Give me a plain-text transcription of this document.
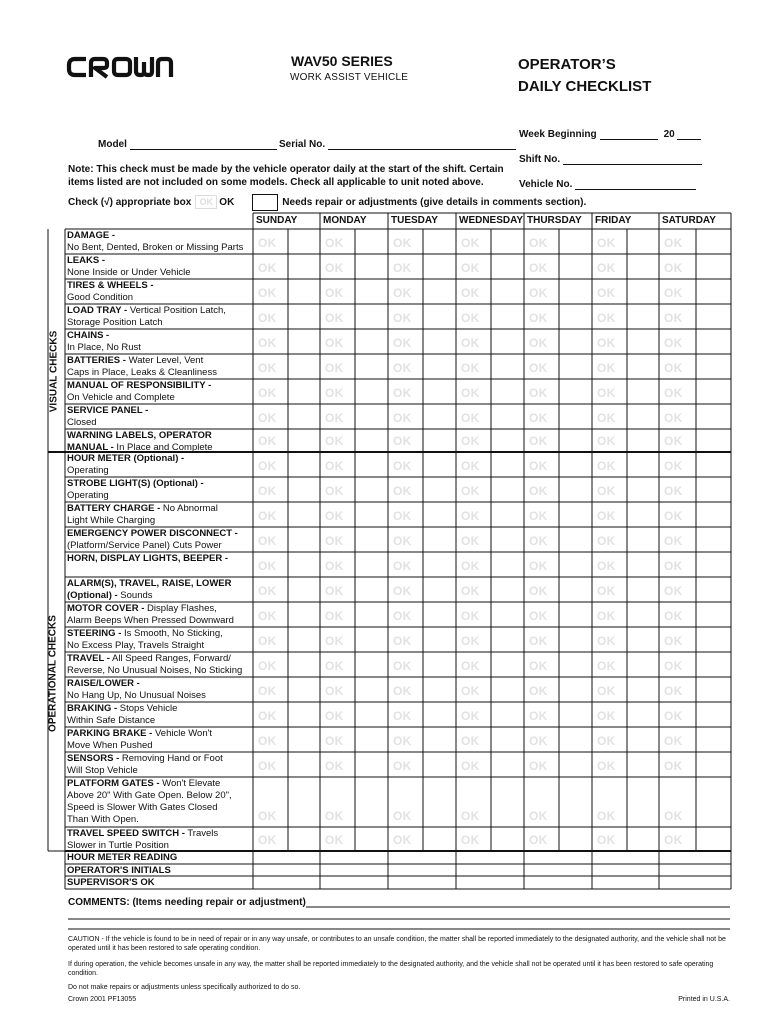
WAV50 SERIES
WORK ASSIST VEHICLE
OPERATOR’S
DAILY CHECKLIST
Model	Serial No.
Week Beginning	20
Shift No.
Vehicle No.
Note: This check must be made by the vehicle operator daily at the start of the shift. Certain items listed are not included on some models. Check all applicable to unit noted above.
Check (√) appropriate box OK OK	Needs repair or adjustments (give details in comments section).
SUNDAY	MONDAY TUESDAY WEDNESDAY THURSDAY FRIDAY	SATURDAY
DAMAGE -
No Bent, Dented, Broken or Missing Parts	OK	OK	OK	OK	OK	OK	OK
LEAKS -
None Inside or Under Vehicle	OK	OK	OK	OK	OK	OK	OK
TIRES & WHEELS -
Good Condition	OK	OK	OK	OK	OK	OK	OK
LOAD TRAY - Vertical Position Latch,
Storage Position Latch	OK	OK	OK	OK	OK	OK	OK
CHAINS -
In Place, No Rust	OK	OK	OK	OK	OK	OK	OK
BATTERIES - Water Level, Vent
Caps in Place, Leaks & Cleanliness	OK	OK	OK	OK	OK	OK	OK
MANUAL OF RESPONSIBILITY -
On Vehicle and Complete	OK	OK	OK	OK	OK	OK	OK
SERVICE PANEL -
Closed	OK	OK	OK	OK	OK	OK	OK
WARNING LABELS, OPERATOR
MANUAL - In Place and Complete	OK	OK	OK	OK	OK	OK	OK
HOUR METER (Optional) -
Operating	OK	OK	OK	OK	OK	OK	OK
STROBE LIGHT(S) (Optional) -
Operating	OK	OK	OK	OK	OK	OK	OK
BATTERY CHARGE - No Abnormal
Light While Charging	OK	OK	OK	OK	OK	OK	OK
EMERGENCY POWER DISCONNECT -
(Platform/Service Panel) Cuts Power	OK	OK	OK	OK	OK	OK	OK
HORN, DISPLAY LIGHTS, BEEPER -
OK	OK	OK	OK	OK	OK	OK
ALARM(S), TRAVEL, RAISE, LOWER
(Optional) - Sounds	OK	OK	OK	OK	OK	OK	OK
MOTOR COVER - Display Flashes,
Alarm Beeps When Pressed Downward	OK	OK	OK	OK	OK	OK	OK
STEERING - Is Smooth, No Sticking,
No Excess Play, Travels Straight	OK	OK	OK	OK	OK	OK	OK
TRAVEL - All Speed Ranges, Forward/
Reverse, No Unusual Noises, No Sticking	OK	OK	OK	OK	OK	OK	OK
RAISE/LOWER -
No Hang Up, No Unusual Noises	OK	OK	OK	OK	OK	OK	OK
BRAKING - Stops Vehicle
Within Safe Distance	OK	OK	OK	OK	OK	OK	OK
PARKING BRAKE - Vehicle Won't
Move When Pushed	OK	OK	OK	OK	OK	OK	OK
SENSORS - Removing Hand or Foot
Will Stop Vehicle	OK	OK	OK	OK	OK	OK	OK
PLATFORM GATES - Won't Elevate
Above 20" With Gate Open. Below 20",
Speed is Slower With Gates Closed
Than With Open.	OK	OK	OK	OK	OK	OK	OK
TRAVEL SPEED SWITCH - Travels
Slower in Turtle Position	OK	OK	OK	OK	OK	OK	OK
HOUR METER READING
OPERATOR'S INITIALS
SUPERVISOR'S OK
VISUAL CHECKS
OPERATIONAL CHECKS
COMMENTS: (Items needing repair or adjustment)
CAUTION - If the vehicle is found to be in need of repair or in any way unsafe, or contributes to an unsafe condition, the matter shall be reported immediately to the designated authority, and the vehicle shall not be operated until it has been restored to safe operating condition.
If during operation, the vehicle becomes unsafe in any way, the matter shall be reported immediately to the designated authority, and the vehicle shall not be operated until it has been restored to safe operating condition.
Do not make repairs or adjustments unless specifically authorized to do so.
Crown 2001 PF13055	Printed in U.S.A.
